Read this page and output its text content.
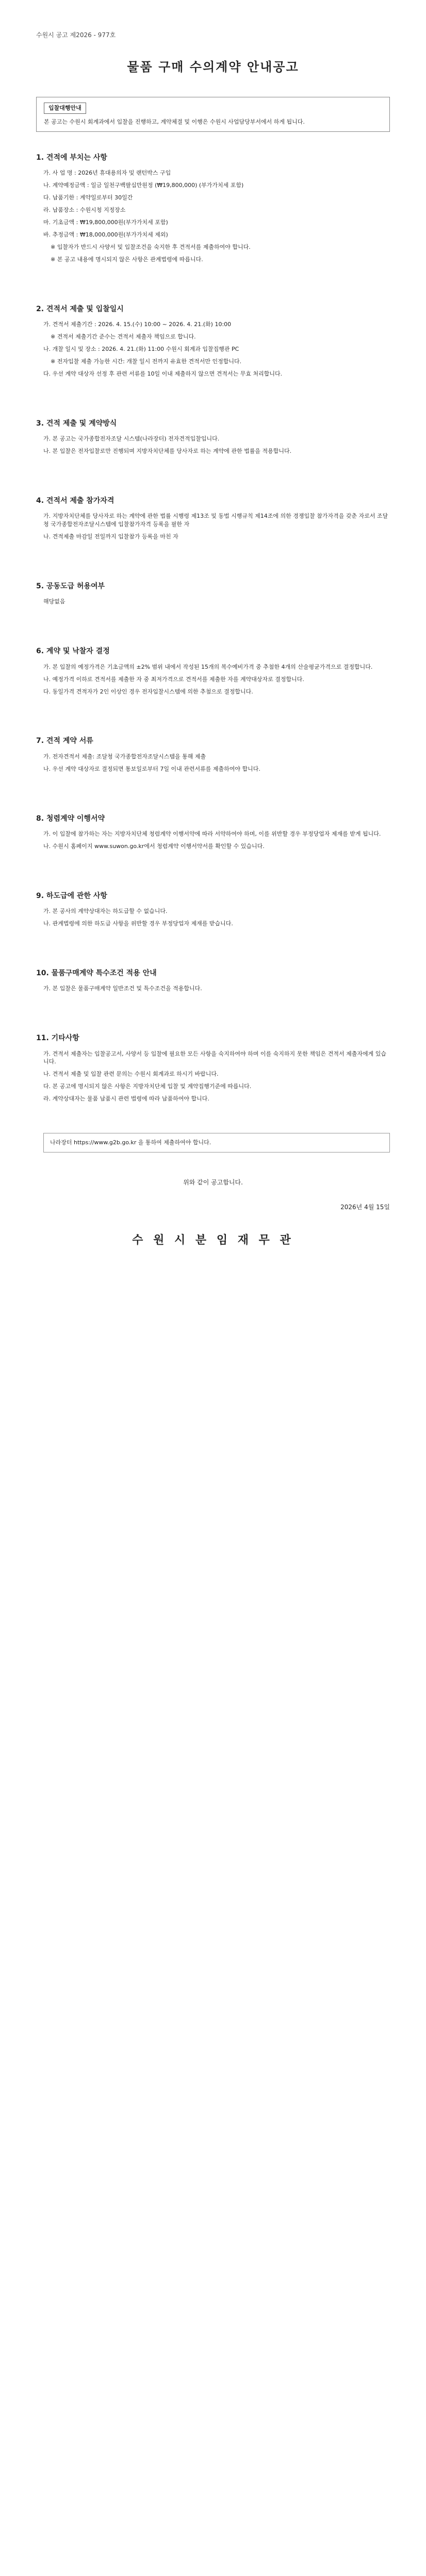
수원시 공고 제2026 - 977호
물품 구매 수의계약 안내공고
입찰대행안내
본 공고는 수원시 회계과에서 입찰을 진행하고, 계약체결 및 이행은 수원시 사업담당부서에서 하게 됩니다.
1. 견적에 부치는 사항
가. 사 업 명 : 2026년 휴대용의자 및 랜턴박스 구입
나. 계약예정금액 : 일금 일천구백팔십만원정 (₩19,800,000) (부가가치세 포함)
다. 납품기한 : 계약일로부터 30일간
라. 납품장소 : 수원시청 지정장소
마. 기초금액 : ₩19,800,000원(부가가치세 포함)
바. 추정금액 : ₩18,000,000원(부가가치세 제외)
※ 입찰자가 반드시 사양서 및 입찰조건을 숙지한 후 견적서를 제출하여야 합니다.
※ 본 공고 내용에 명시되지 않은 사항은 관계법령에 따릅니다.
2. 견적서 제출 및 입찰일시
가. 견적서 제출기간 : 2026. 4. 15.(수) 10:00 ~ 2026. 4. 21.(화) 10:00
※ 견적서 제출기간 준수는 견적서 제출자 책임으로 합니다.
나. 개찰 일시 및 장소 : 2026. 4. 21.(화) 11:00 수원시 회계과 입찰집행관 PC
※ 전자입찰 제출 가능한 시간: 개찰 일시 전까지 유효한 견적서만 인정합니다.
다. 우선 계약 대상자 선정 후 관련 서류를 10일 이내 제출하지 않으면 견적서는 무효 처리합니다.
3. 견적 제출 및 계약방식
가. 본 공고는 국가종합전자조달 시스템(나라장터) 전자견적입찰입니다.
나. 본 입찰은 전자입찰로만 진행되며 지방자치단체를 당사자로 하는 계약에 관한 법률을 적용합니다.
4. 견적서 제출 참가자격
가. 지방자치단체를 당사자로 하는 계약에 관한 법률 시행령 제13조 및 동법 시행규칙 제14조에 의한 경쟁입찰 참가자격을 갖춘 자로서 조달청 국가종합전자조달시스템에 입찰참가자격 등록을 필한 자
나. 견적제출 마감일 전일까지 입찰참가 등록을 마친 자
5. 공동도급 허용여부
해당없음
6. 계약 및 낙찰자 결정
가. 본 입찰의 예정가격은 기초금액의 ±2% 범위 내에서 작성된 15개의 복수예비가격 중 추첨한 4개의 산술평균가격으로 결정합니다.
나. 예정가격 이하로 견적서를 제출한 자 중 최저가격으로 견적서를 제출한 자를 계약대상자로 결정합니다.
다. 동일가격 견적자가 2인 이상인 경우 전자입찰시스템에 의한 추첨으로 결정합니다.
7. 견적 계약 서류
가. 전자견적서 제출: 조달청 국가종합전자조달시스템을 통해 제출
나. 우선 계약 대상자로 결정되면 통보일로부터 7일 이내 관련서류를 제출하여야 합니다.
8. 청렴계약 이행서약
가. 이 입찰에 참가하는 자는 지방자치단체 청렴계약 이행서약에 따라 서약하여야 하며, 이를 위반할 경우 부정당업자 제재를 받게 됩니다.
나. 수원시 홈페이지 www.suwon.go.kr에서 청렴계약 이행서약서를 확인할 수 있습니다.
9. 하도급에 관한 사항
가. 본 공사의 계약상대자는 하도급할 수 없습니다.
나. 관계법령에 의한 하도급 사항을 위반할 경우 부정당업자 제재를 받습니다.
10. 물품구매계약 특수조건 적용 안내
가. 본 입찰은 물품구매계약 일반조건 및 특수조건을 적용합니다.
11. 기타사항
가. 견적서 제출자는 입찰공고서, 사양서 등 입찰에 필요한 모든 사항을 숙지하여야 하며 이를 숙지하지 못한 책임은 견적서 제출자에게 있습니다.
나. 견적서 제출 및 입찰 관련 문의는 수원시 회계과로 하시기 바랍니다.
다. 본 공고에 명시되지 않은 사항은 지방자치단체 입찰 및 계약집행기준에 따릅니다.
라. 계약상대자는 물품 납품시 관련 법령에 따라 납품하여야 합니다.
나라장터 https://www.g2b.go.kr 을 통하여 제출하여야 합니다.
위와 같이 공고합니다.
2026년 4월 15일
수 원 시 분 임 재 무 관
